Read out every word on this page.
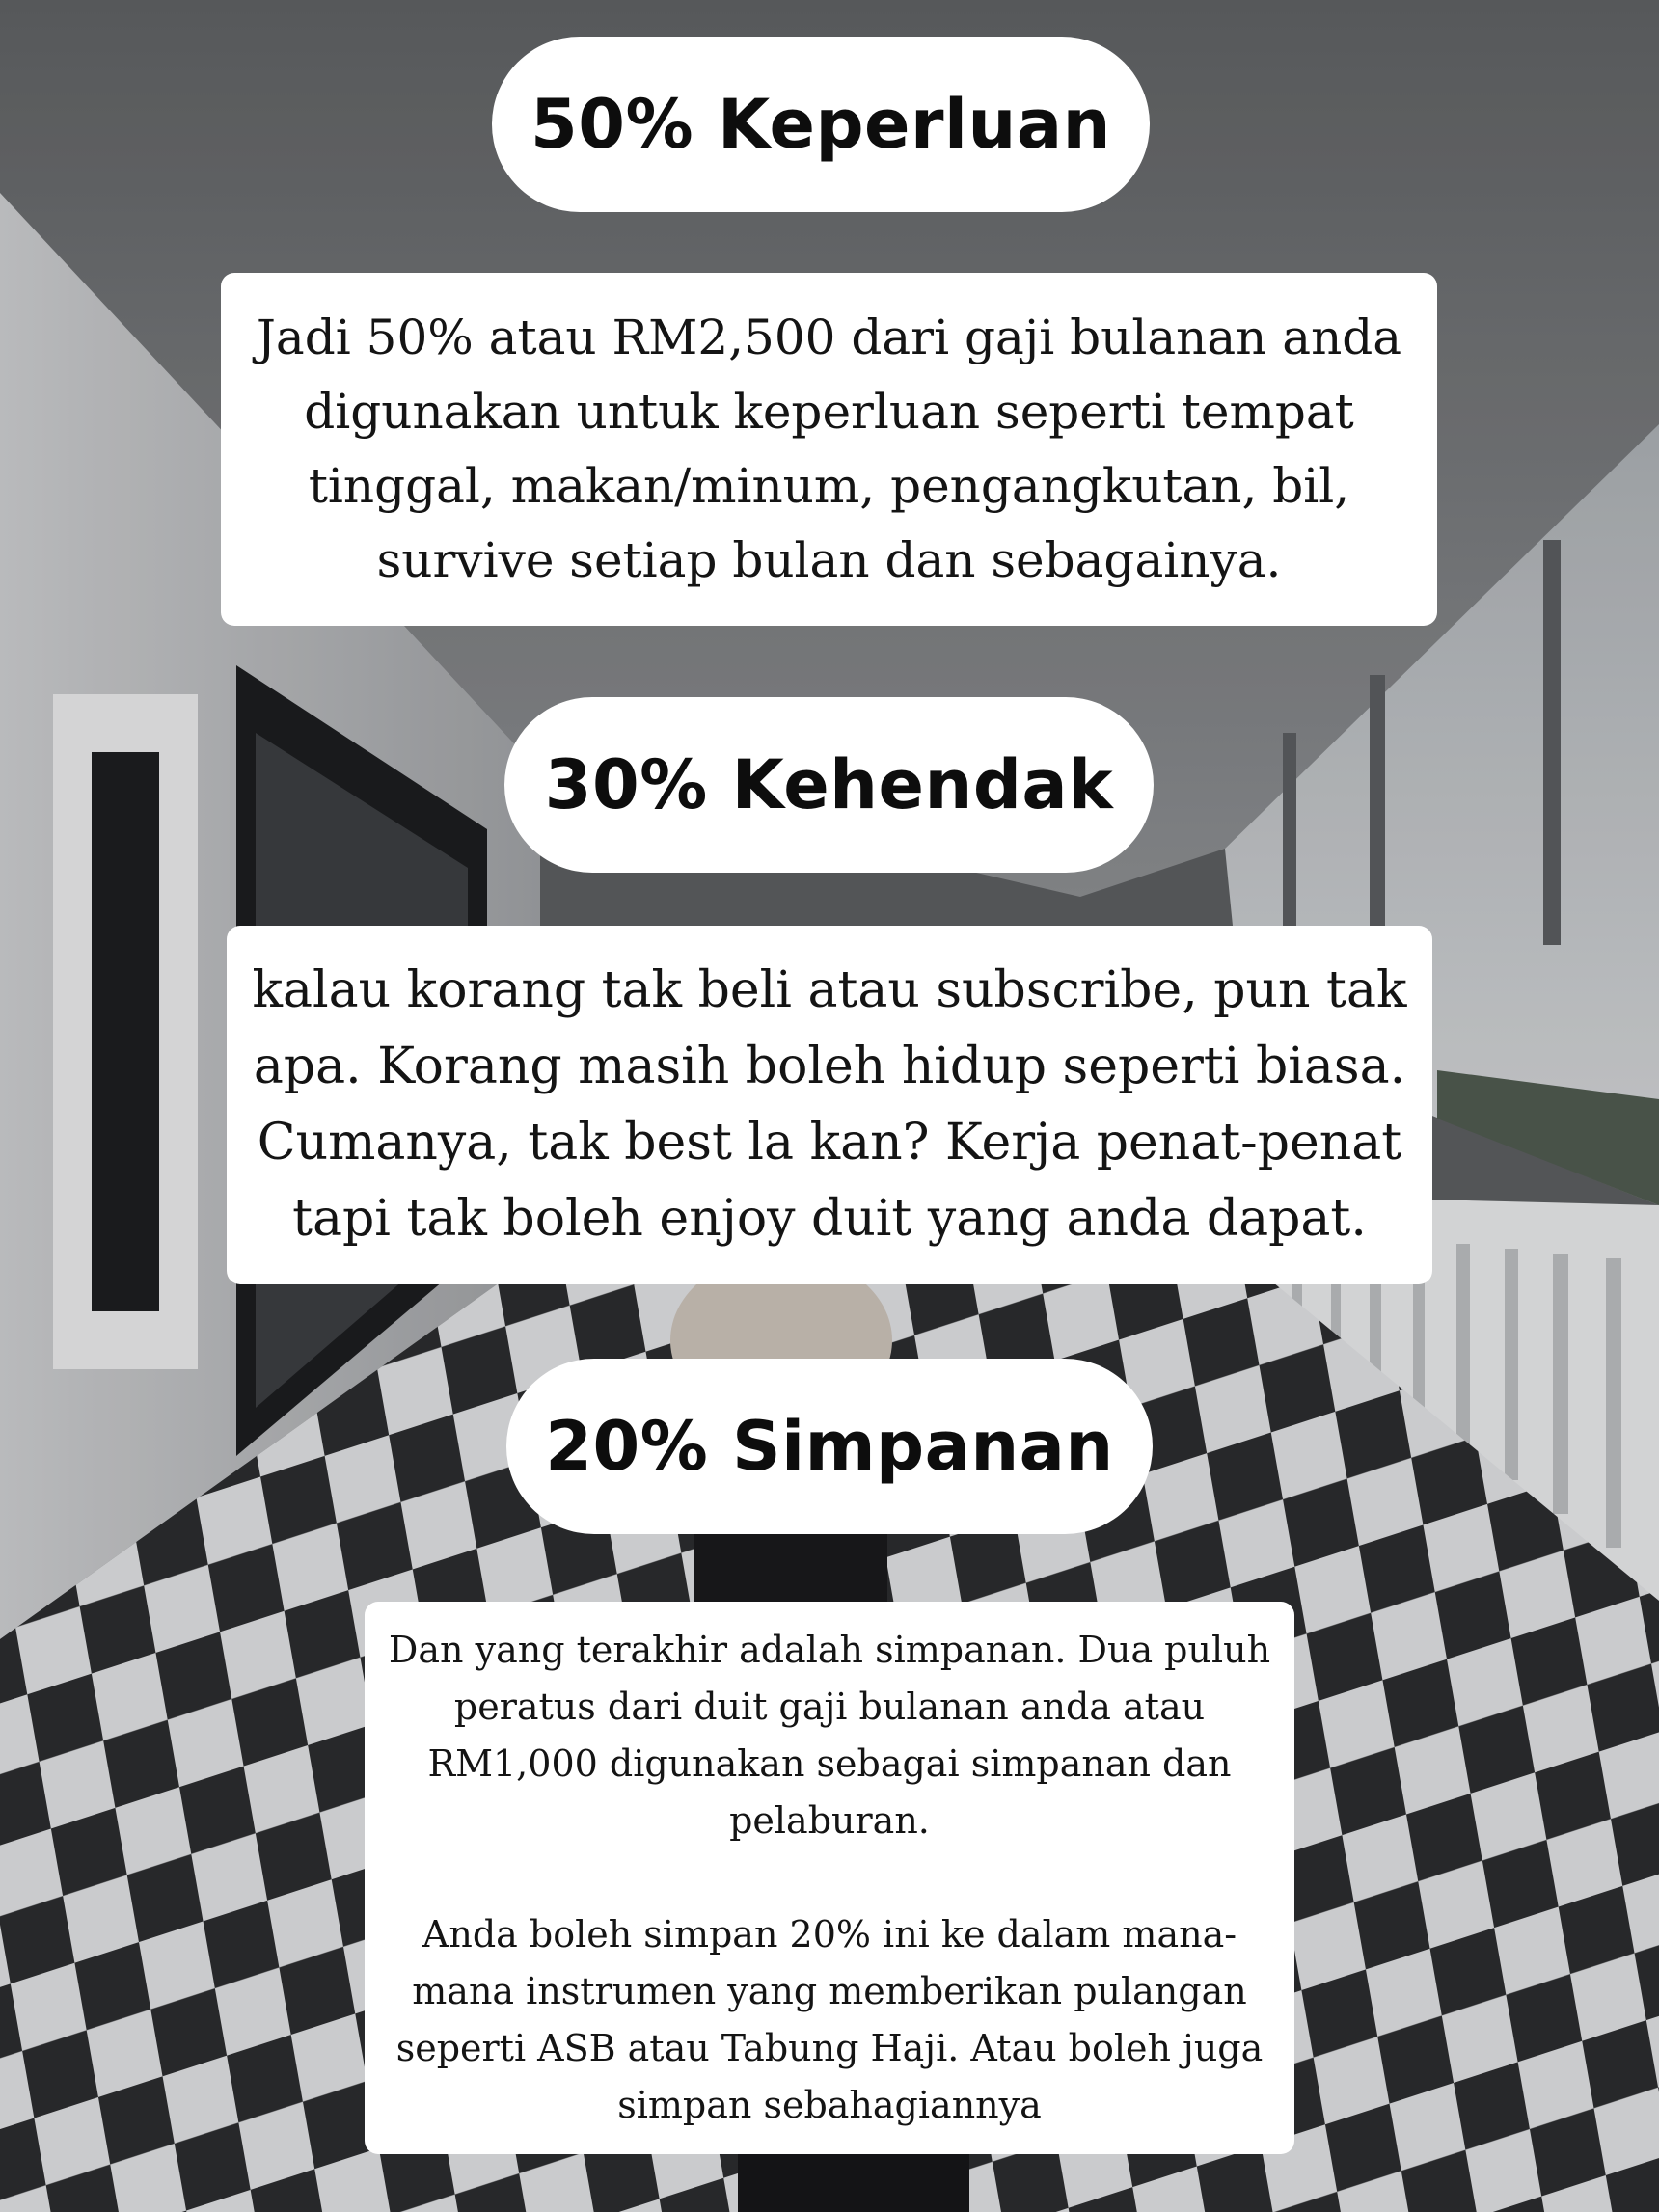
50% Keperluan

Jadi 50% atau RM2,500 dari gaji bulanan anda digunakan untuk keperluan seperti tempat tinggal, makan/minum, pengangkutan, bil, survive setiap bulan dan sebagainya.

30% Kehendak

kalau korang tak beli atau subscribe, pun tak apa. Korang masih boleh hidup seperti biasa. Cumanya, tak best la kan? Kerja penat-penat tapi tak boleh enjoy duit yang anda dapat.

20% Simpanan

Dan yang terakhir adalah simpanan. Dua puluh peratus dari duit gaji bulanan anda atau RM1,000 digunakan sebagai simpanan dan pelaburan.

Anda boleh simpan 20% ini ke dalam mana-mana instrumen yang memberikan pulangan seperti ASB atau Tabung Haji. Atau boleh juga simpan sebahagiannya
